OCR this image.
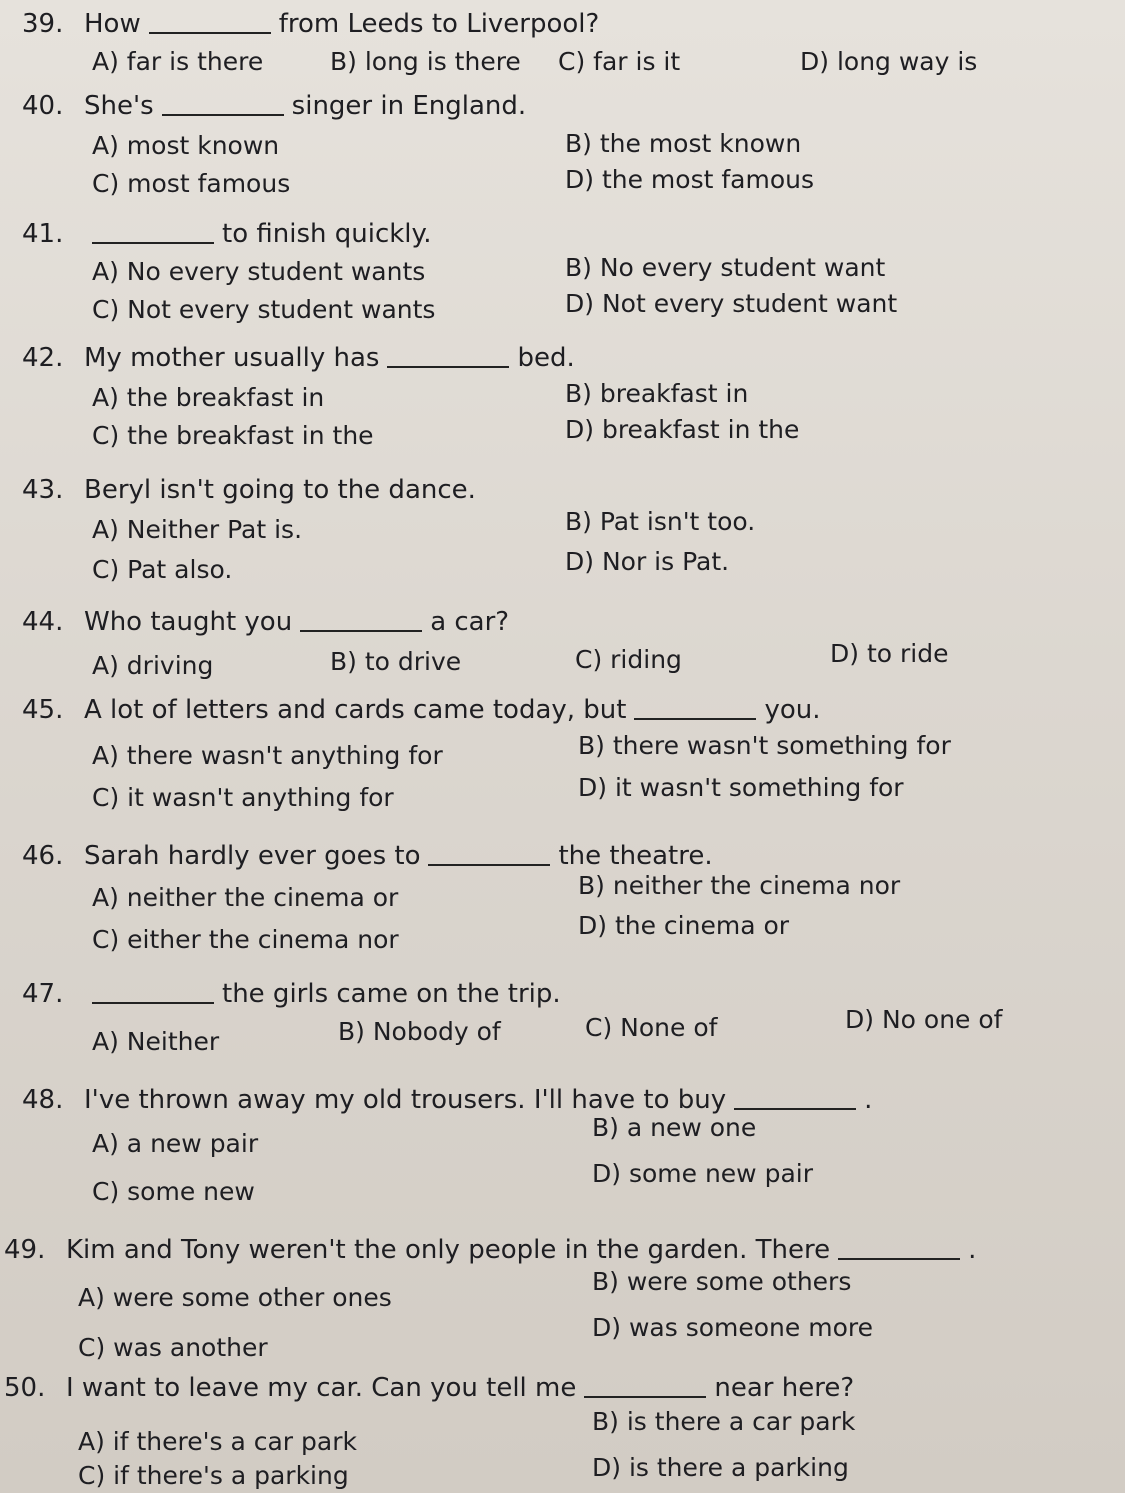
39. How	from Leeds to Liverpool?
A) far is there	B) long is there C) far is it	D) long way is
40. She's	singer in England.
A) most known	B) the most known
C) most famous	D) the most famous
41.	to finish quickly.
A) No every student wants	B) No every student want
C) Not every student wants	D) Not every student want
42. My mother usually has	bed.
A) the breakfast in	B) breakfast in
C) the breakfast in the	D) breakfast in the
43. Beryl isn't going to the dance.
A) Neither Pat is.	B) Pat isn't too.
C) Pat also.	D) Nor is Pat.
44. Who taught you	a car?
A) driving	B) to drive	C) riding	D) to ride
45. A lot of letters and cards came today, but	you.
A) there wasn't anything for	B) there wasn't something for
C) it wasn't anything for	D) it wasn't something for
46. Sarah hardly ever goes to	the theatre.
A) neither the cinema or	B) neither the cinema nor
C) either the cinema nor	D) the cinema or
47.	the girls came on the trip.
A) Neither	B) Nobody of	C) None of	D) No one of
48. I've thrown away my old trousers. I'll have to buy	.
A) a new pair
B) a new one
C) some new
D) some new pair
49. Kim and Tony weren't the only people in the garden. There	.
A) were some other ones
B) were some others
C) was another
D) was someone more
50. I want to leave my car. Can you tell me	near here?
A) if there's a car park
B) is there a car park
C) if there's a parking	D) is there a parking
